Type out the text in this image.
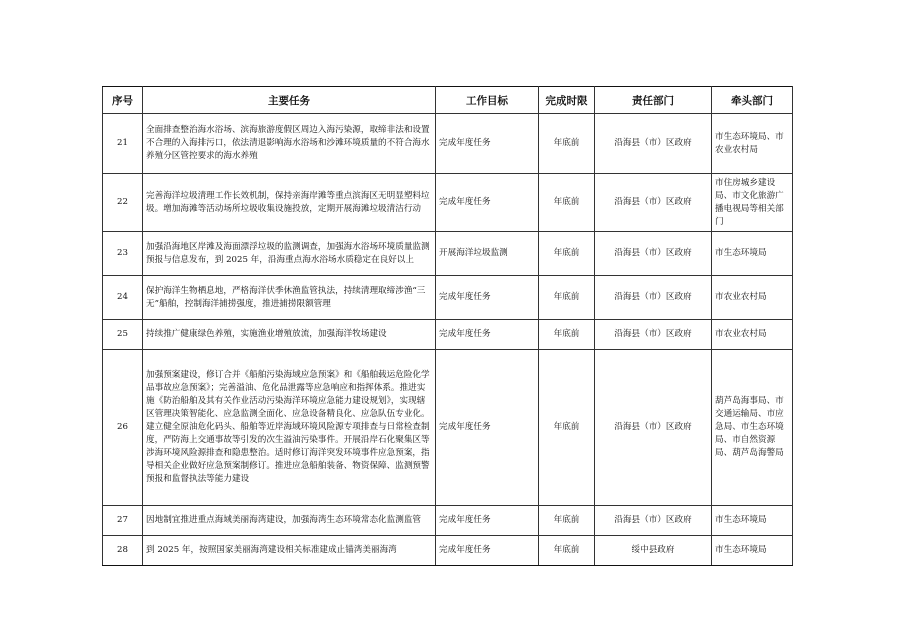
序号	主要任务	工作目标	完成时限	责任部门	牵头部门
21	全面排查整治海水浴场、滨海旅游度假区周边入海污染源，取缔非法和设置不合理的入海排污口，依法清退影响海水浴场和沙滩环境质量的不符合海水养殖分区管控要求的海水养殖	完成年度任务	年底前	沿海县（市）区政府	市生态环境局、市农业农村局
22	完善海洋垃圾清理工作长效机制，保持亲海岸滩等重点滨海区无明显塑料垃圾。增加海滩等活动场所垃圾收集设施投放，定期开展海滩垃圾清洁行动	完成年度任务	年底前	沿海县（市）区政府	市住房城乡建设局、市文化旅游广播电视局等相关部门
23	加强沿海地区岸滩及海面漂浮垃圾的监测调查，加强海水浴场环境质量监测预报与信息发布，到 2025 年，沿海重点海水浴场水质稳定在良好以上	开展海洋垃圾监测	年底前	沿海县（市）区政府	市生态环境局
24	保护海洋生物栖息地，严格海洋伏季休渔监管执法，持续清理取缔涉渔“三无”船舶，控制海洋捕捞强度，推进捕捞限额管理	完成年度任务	年底前	沿海县（市）区政府	市农业农村局
25	持续推广健康绿色养殖，实施渔业增殖放流，加强海洋牧场建设	完成年度任务	年底前	沿海县（市）区政府	市农业农村局
26	加强预案建设，修订合并《船舶污染海域应急预案》和《船舶载运危险化学品事故应急预案》；完善溢油、危化品泄露等应急响应和指挥体系。推进实施《防治船舶及其有关作业活动污染海洋环境应急能力建设规划》，实现辖区管理决策智能化、应急监测全面化、应急设备精良化、应急队伍专业化。建立健全原油危化码头、船舶等近岸海域环境风险源专项排查与日常检查制度，严防海上交通事故等引发的次生溢油污染事件。开展沿岸石化聚集区等涉海环境风险源排查和隐患整治。适时修订海洋突发环境事件应急预案，指导相关企业做好应急预案制修订。推进应急船舶装备、物资保障、监测预警预报和监督执法等能力建设	完成年度任务	年底前	沿海县（市）区政府	葫芦岛海事局、市交通运输局、市应急局、市生态环境局、市自然资源局、葫芦岛海警局
27	因地制宜推进重点海域美丽海湾建设，加强海湾生态环境常态化监测监管	完成年度任务	年底前	沿海县（市）区政府	市生态环境局
28	到 2025 年，按照国家美丽海湾建设相关标准建成止锚湾美丽海湾	完成年度任务	年底前	绥中县政府	市生态环境局
